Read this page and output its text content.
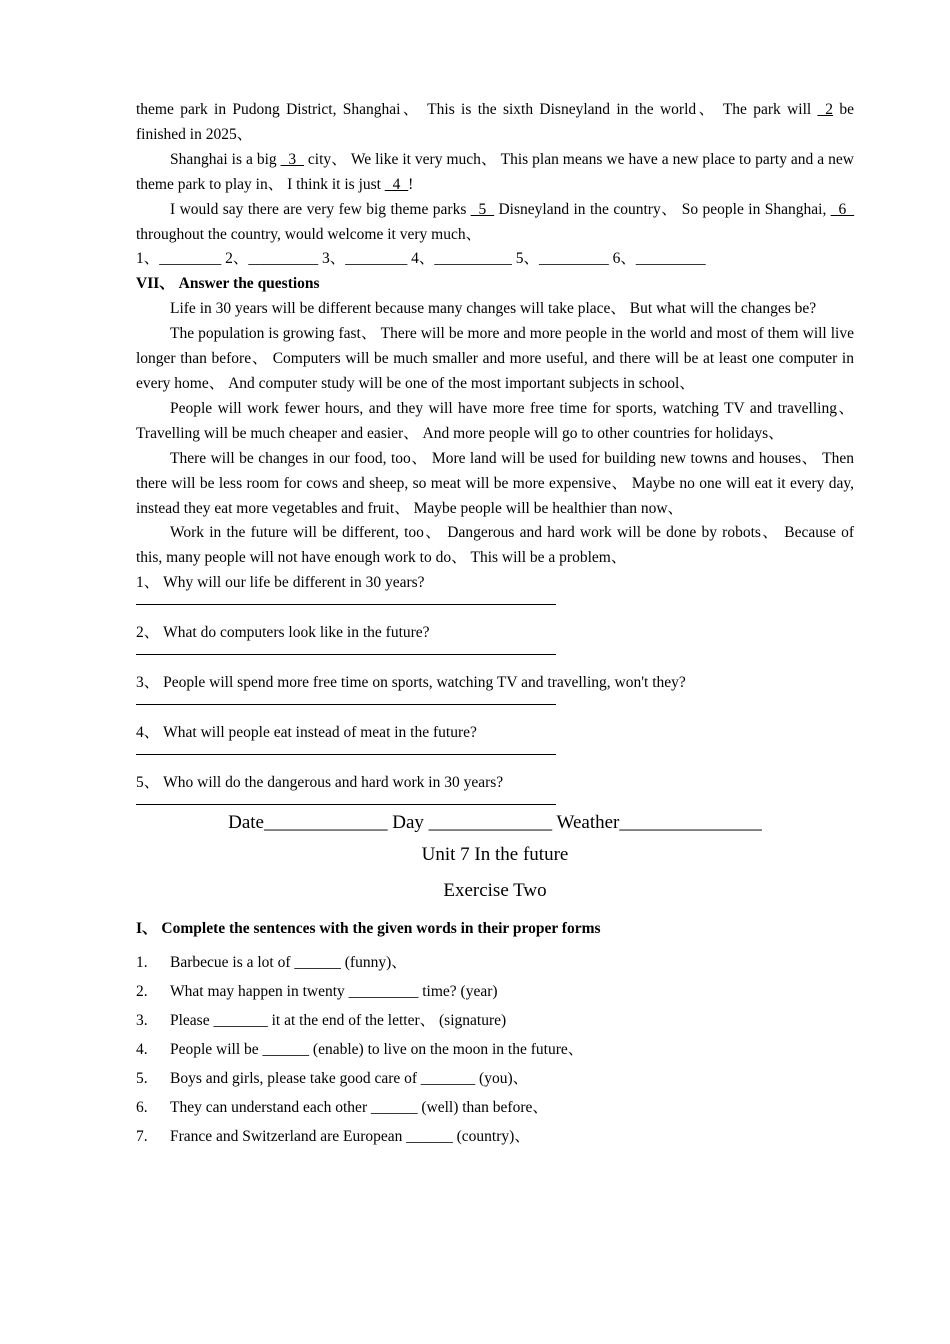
theme park in Pudong District, Shanghai、 This is the sixth Disneyland in the world、 The park will _2 be finished in 2025、

Shanghai is a big _3_ city、 We like it very much、 This plan means we have a new place to party and a new theme park to play in、 I think it is just _4_!

I would say there are very few big theme parks _5_ Disneyland in the country、 So people in Shanghai, _6_ throughout the country, would welcome it very much、

1、________ 2、_________ 3、________ 4、__________ 5、_________ 6、_________

VII、 Answer the questions

Life in 30 years will be different because many changes will take place、 But what will the changes be?

The population is growing fast、 There will be more and more people in the world and most of them will live longer than before、 Computers will be much smaller and more useful, and there will be at least one computer in every home、 And computer study will be one of the most important subjects in school、

People will work fewer hours, and they will have more free time for sports, watching TV and travelling、 Travelling will be much cheaper and easier、 And more people will go to other countries for holidays、

There will be changes in our food, too、 More land will be used for building new towns and houses、 Then there will be less room for cows and sheep, so meat will be more expensive、 Maybe no one will eat it every day, instead they eat more vegetables and fruit、 Maybe people will be healthier than now、

Work in the future will be different, too、 Dangerous and hard work will be done by robots、 Because of this, many people will not have enough work to do、 This will be a problem、

1、 Why will our life be different in 30 years?

2、 What do computers look like in the future?

3、 People will spend more free time on sports, watching TV and travelling, won't they?

4、 What will people eat instead of meat in the future?

5、 Who will do the dangerous and hard work in 30 years?

Date_____________ Day _____________ Weather_______________

Unit 7 In the future

Exercise Two

I、 Complete the sentences with the given words in their proper forms

1.	Barbecue is a lot of ______ (funny)、
2.	What may happen in twenty _________ time? (year)
3.	Please _______ it at the end of the letter、 (signature)
4.	People will be ______ (enable) to live on the moon in the future、
5.	Boys and girls, please take good care of _______ (you)、
6.	They can understand each other ______ (well) than before、
7.	France and Switzerland are European ______ (country)、
